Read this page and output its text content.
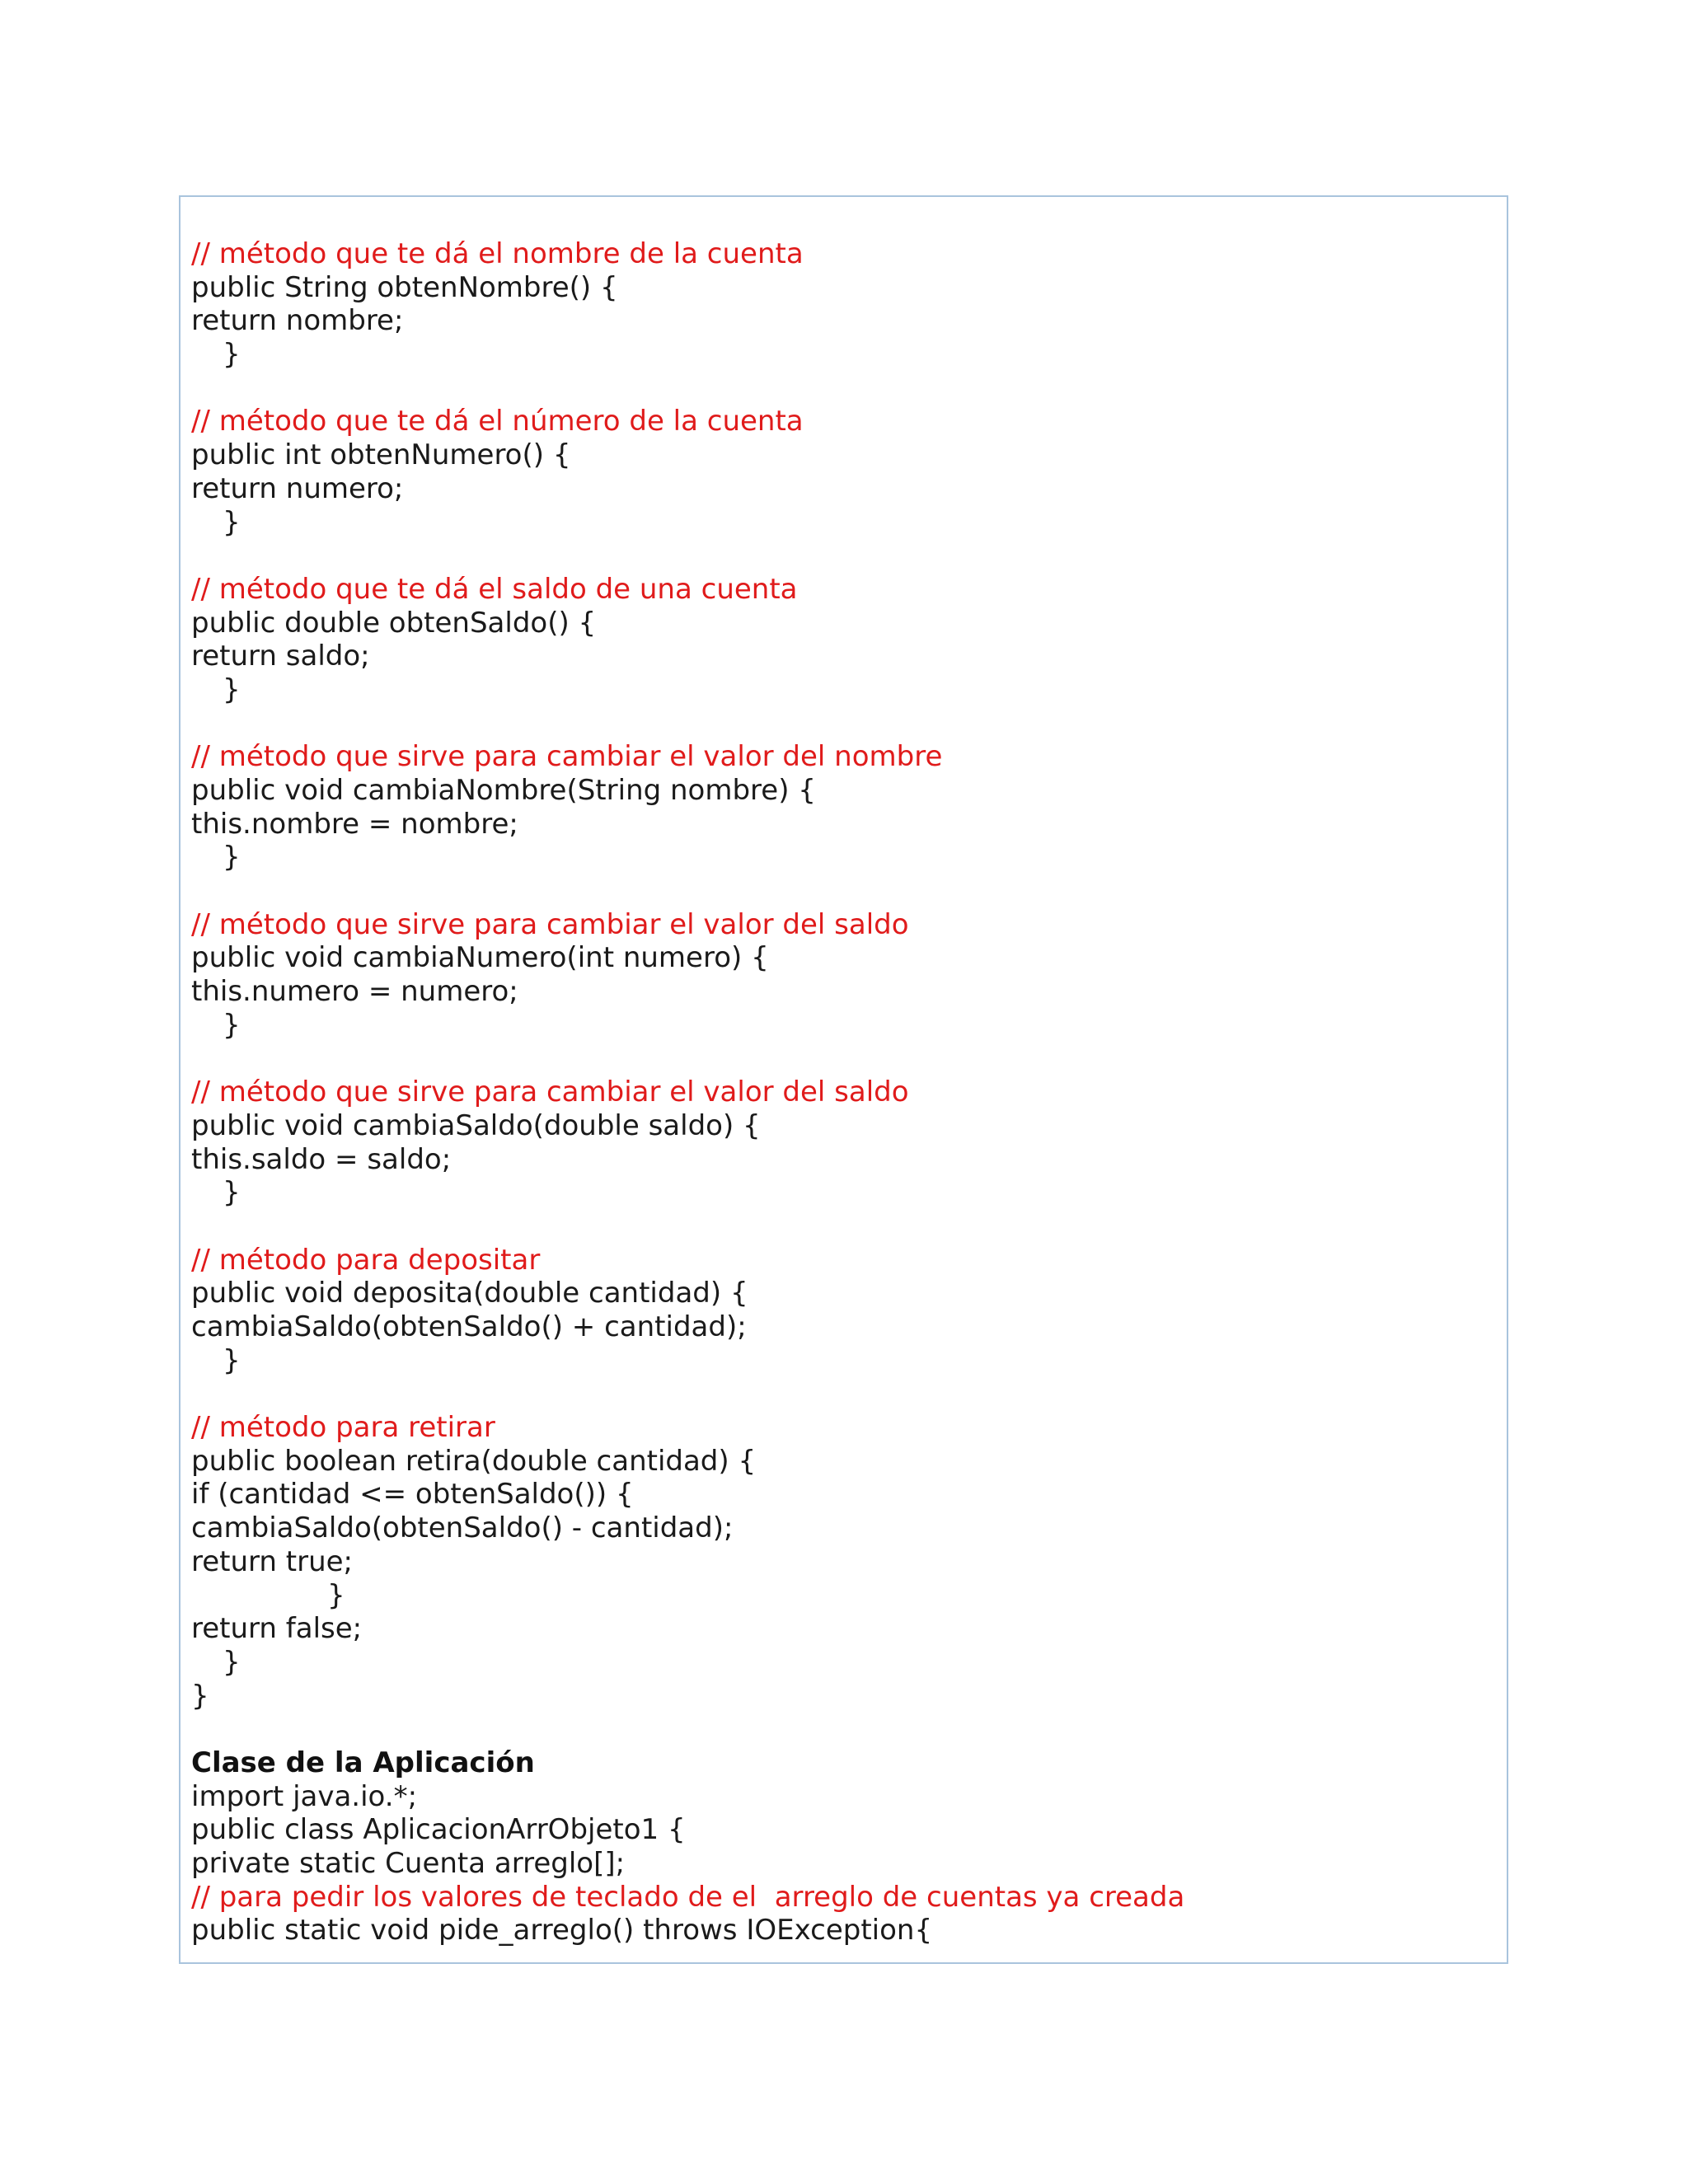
// método que te dá el nombre de la cuenta
public String obtenNombre() {
return nombre;
}
// método que te dá el número de la cuenta
public int obtenNumero() {
return numero;
}
// método que te dá el saldo de una cuenta
public double obtenSaldo() {
return saldo;
}
// método que sirve para cambiar el valor del nombre
public void cambiaNombre(String nombre) {
this.nombre = nombre;
}
// método que sirve para cambiar el valor del saldo
public void cambiaNumero(int numero) {
this.numero = numero;
}
// método que sirve para cambiar el valor del saldo
public void cambiaSaldo(double saldo) {
this.saldo = saldo;
}
// método para depositar
public void deposita(double cantidad) {
cambiaSaldo(obtenSaldo() + cantidad);
}
// método para retirar
public boolean retira(double cantidad) {
if (cantidad <= obtenSaldo()) {
cambiaSaldo(obtenSaldo() - cantidad);
return true;
}
return false;
}
}
Clase de la Aplicación
import java.io.*;
public class AplicacionArrObjeto1 {
private static Cuenta arreglo[];
// para pedir los valores de teclado de el  arreglo de cuentas ya creada
public static void pide_arreglo() throws IOException{
